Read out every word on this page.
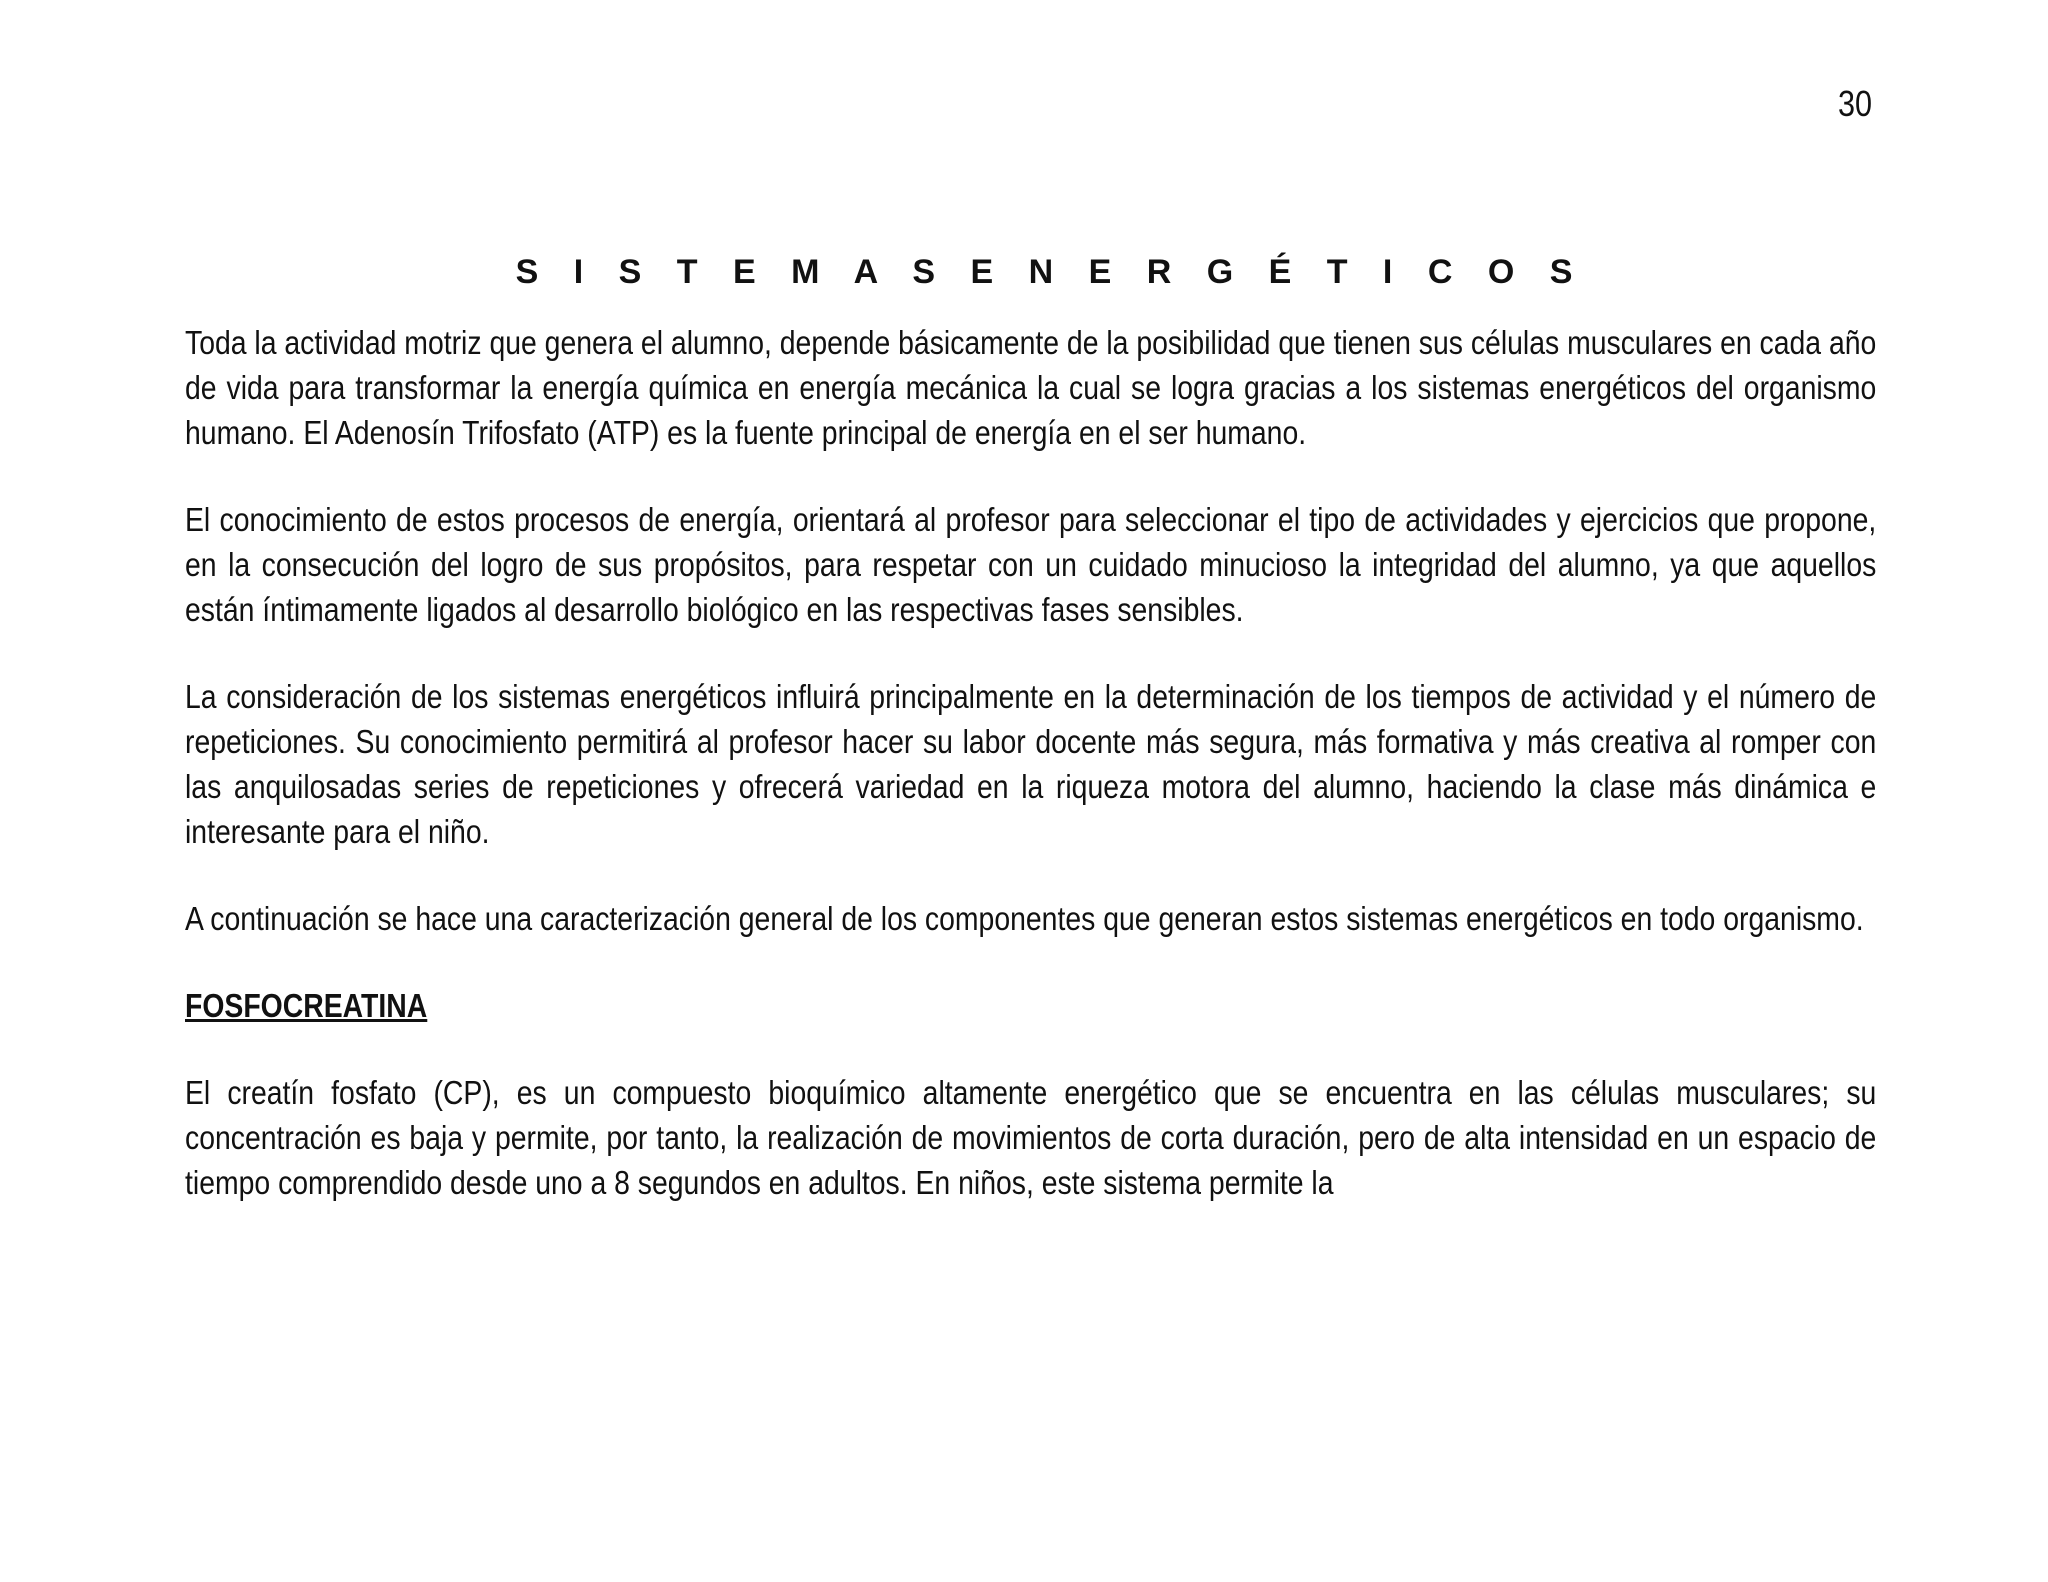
30
S I S T E M A S E N E R G É T I C O S

Toda la actividad motriz que genera el alumno, depende básicamente de la posibilidad que tienen sus células musculares en cada año de vida para transformar la energía química en energía mecánica la cual se logra gracias a los sistemas energéticos del organismo humano. El Adenosín Trifosfato (ATP) es la fuente principal de energía en el ser humano.

El conocimiento de estos procesos de energía, orientará al profesor para seleccionar el tipo de actividades y ejercicios que propone, en la consecución del logro de sus propósitos, para respetar con un cuidado minucioso la integridad del alumno, ya que aquellos están íntimamente ligados al desarrollo biológico en las respectivas fases sensibles.

La consideración de los sistemas energéticos influirá principalmente en la determinación de los tiempos de actividad y el número de repeticiones. Su conocimiento permitirá al profesor hacer su labor docente más segura, más formativa y más creativa al romper con las anquilosadas series de repeticiones y ofrecerá variedad en la riqueza motora del alumno, haciendo la clase más dinámica e interesante para el niño.

A continuación se hace una caracterización general de los componentes que generan estos sistemas energéticos en todo organismo.

FOSFOCREATINA

El creatín fosfato (CP), es un compuesto bioquímico altamente energético que se encuentra en las células musculares; su concentración es baja y permite, por tanto, la realización de movimientos de corta duración, pero de alta intensidad en un espacio de tiempo comprendido desde uno a 8 segundos en adultos. En niños, este sistema permite la
